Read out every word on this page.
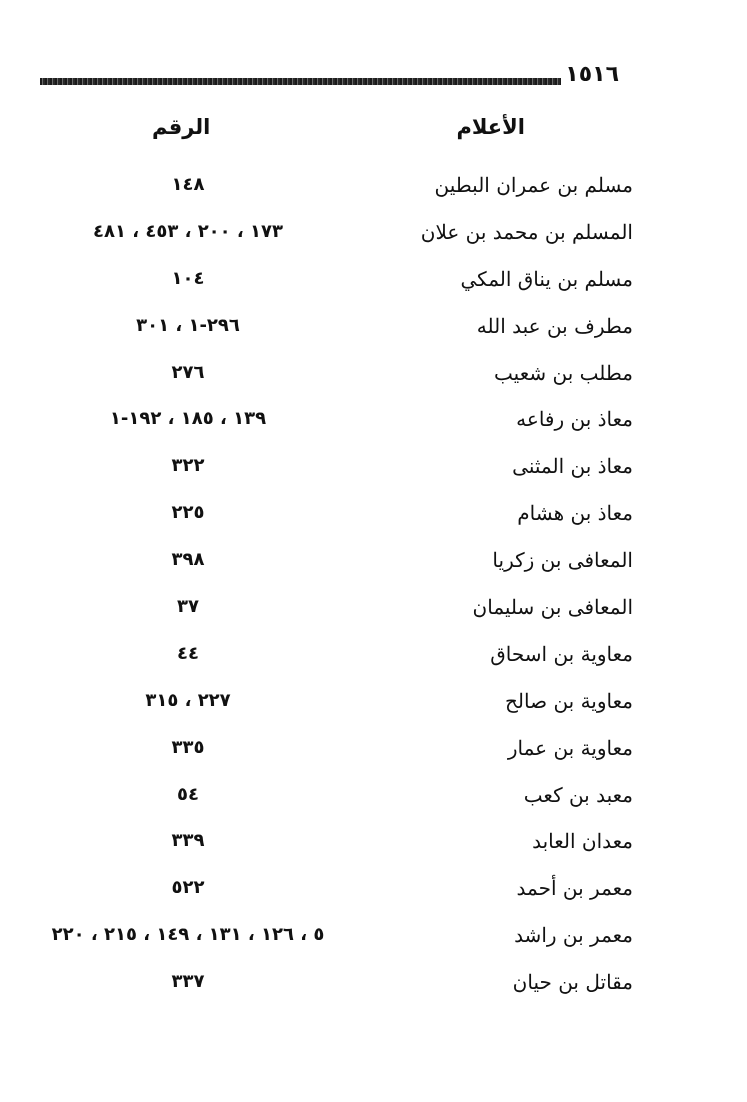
١٥١٦
الأعلام
الرقم
مسلم بن عمران البطين
١٤٨
المسلم بن محمد بن علان
١٧٣ ، ٢٠٠ ، ٤٥٣ ، ٤٨١
مسلم بن يناق المكي
١٠٤
مطرف بن عبد الله
٢٩٦-١ ، ٣٠١
مطلب بن شعيب
٢٧٦
معاذ بن رفاعه
١٣٩ ، ١٨٥ ، ١٩٢-١
معاذ بن المثنى
٣٢٢
معاذ بن هشام
٢٢٥
المعافى بن زكريا
٣٩٨
المعافى بن سليمان
٣٧
معاوية بن اسحاق
٤٤
معاوية بن صالح
٢٢٧ ، ٣١٥
معاوية بن عمار
٣٣٥
معبد بن كعب
٥٤
معدان العابد
٣٣٩
معمر بن أحمد
٥٢٢
معمر بن راشد
٥ ، ١٢٦ ، ١٣١ ، ١٤٩ ، ٢١٥ ، ٢٢٠
مقاتل بن حيان
٣٣٧
